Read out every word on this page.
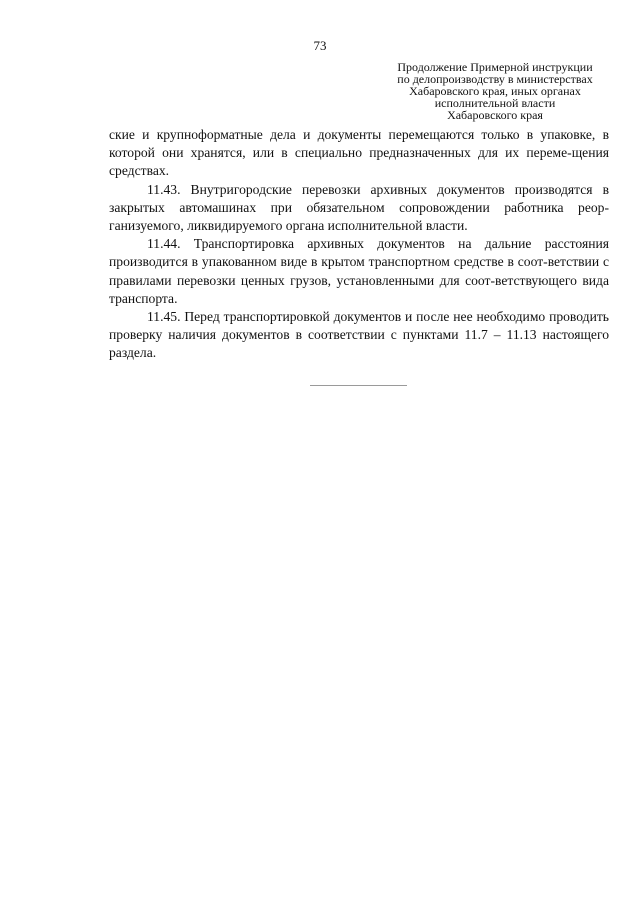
73
Продолжение Примерной инструкции
по делопроизводству в министерствах
Хабаровского края, иных органах
исполнительной власти
Хабаровского края

ские и крупноформатные дела и документы перемещаются только в упаковке, в которой они хранятся, или в специально предназначенных для их переме-щения средствах.

11.43. Внутригородские перевозки архивных документов производятся в закрытых автомашинах при обязательном сопровождении работника реор-ганизуемого, ликвидируемого органа исполнительной власти.

11.44. Транспортировка архивных документов на дальние расстояния производится в упакованном виде в крытом транспортном средстве в соот-ветствии с правилами перевозки ценных грузов, установленными для соот-ветствующего вида транспорта.

11.45. Перед транспортировкой документов и после нее необходимо проводить проверку наличия документов в соответствии с пунктами 11.7 – 11.13 настоящего раздела.
